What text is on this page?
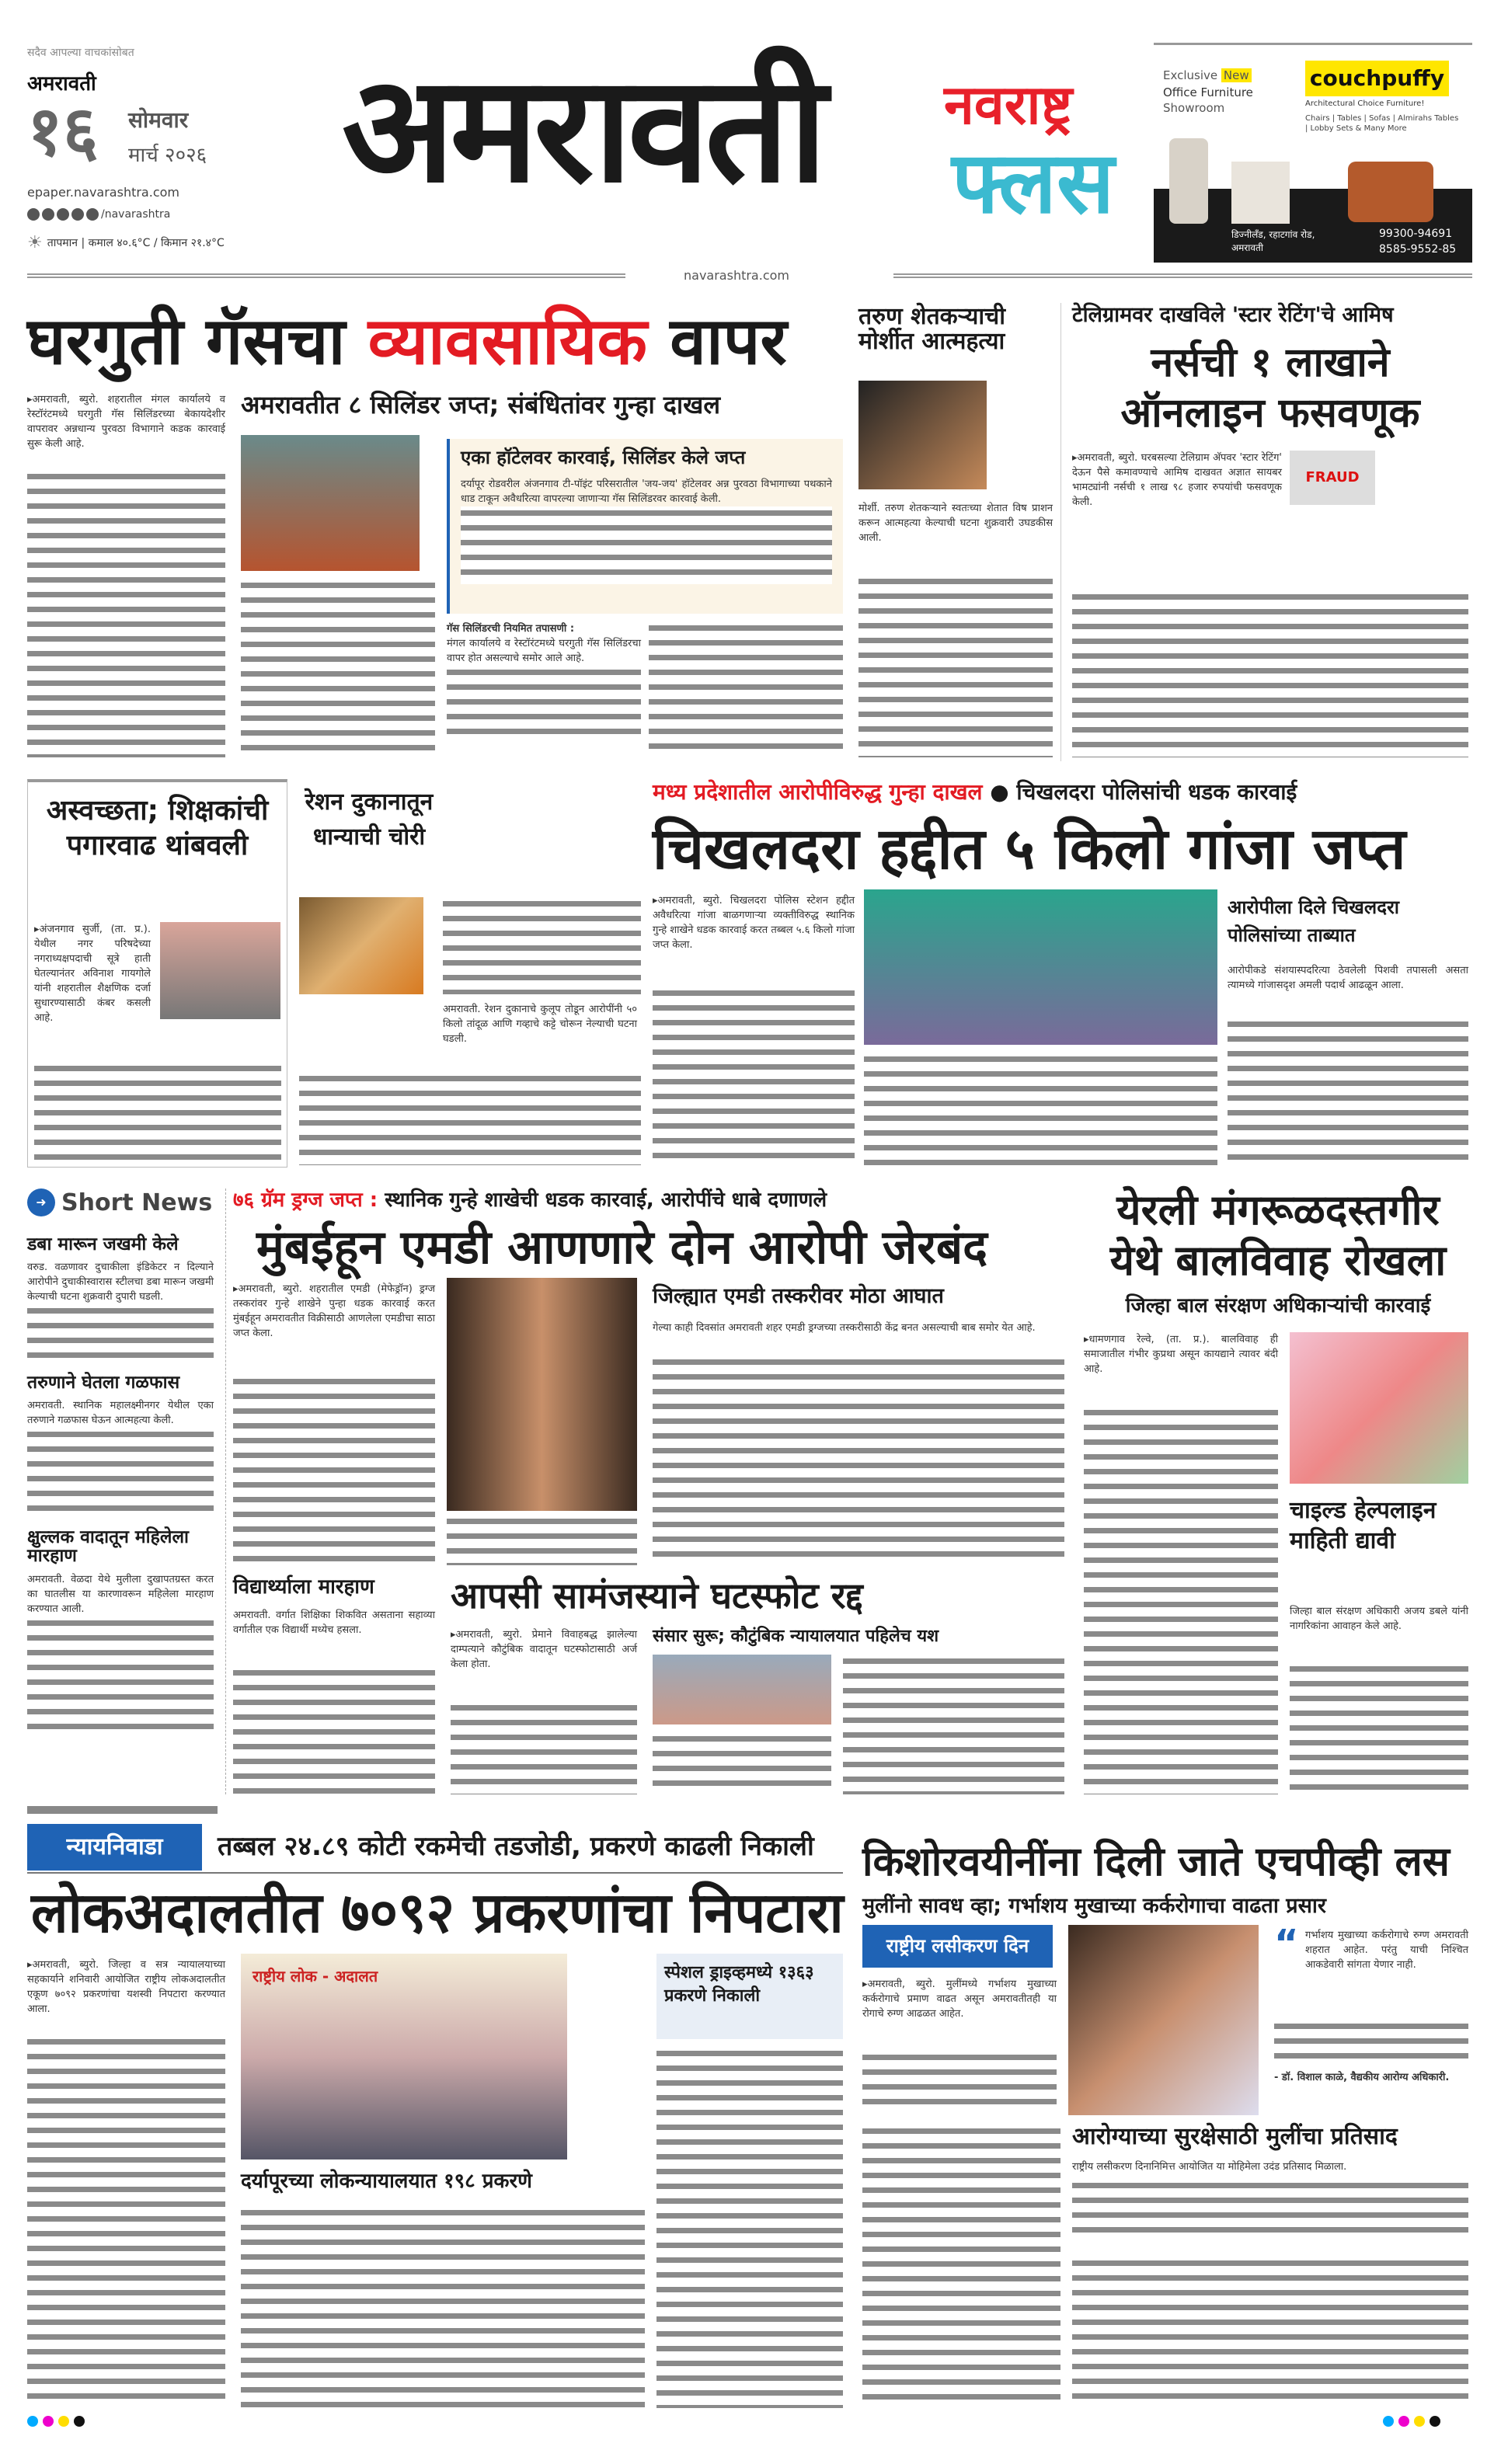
सदैव आपल्या वाचकांसोबत
अमरावती
१६ सोमवार
मार्च २०२६
epaper.navarashtra.com
/navarashtra
☀ तापमान | कमाल ४०.६°C / किमान २१.४°C
अमरावती नवराष्ट्र
फ्लस
Exclusive New
Office Furniture
Showroom
couchpuffy
Architectural Choice Furniture!
Chairs | Tables | Sofas | Almirahs Tables | Lobby Sets & Many More
डिज्नीलँड, रहाटगांव रोड, अमरावती
99300-94691
8585-9552-85
navarashtra.com
घरगुती गॅसचा व्यावसायिक वापर
अमरावतीत ८ सिलिंडर जप्त; संबंधितांवर गुन्हा दाखल
▸ अमरावती, ब्युरो. शहरातील मंगल कार्यालये व रेस्टॉरंटमध्ये घरगुती गॅस सिलिंडरच्या बेकायदेशीर वापरावर अन्नधान्य पुरवठा विभागाने कडक कारवाई सुरू केली आहे.
एका हॉटेलवर कारवाई, सिलिंडर केले जप्त
दर्यापूर रोडवरील अंजनगाव टी-पॉइंट परिसरातील 'जय-जय' हॉटेलवर अन्न पुरवठा विभागाच्या पथकाने धाड टाकून अवैधरित्या वापरल्या जाणाऱ्या गॅस सिलिंडरवर कारवाई केली.
गॅस सिलिंडरची नियमित तपासणी :
मंगल कार्यालये व रेस्टॉरंटमध्ये घरगुती गॅस सिलिंडरचा वापर होत असल्याचे समोर आले आहे.
तरुण शेतकऱ्याची मोर्शीत आत्महत्या
मोर्शी. तरुण शेतकऱ्याने स्वतःच्या शेतात विष प्राशन करून आत्महत्या केल्याची घटना शुक्रवारी उघडकीस आली.
टेलिग्रामवर दाखविले 'स्टार रेटिंग'चे आमिष
नर्सची १ लाखाने
ऑनलाइन फसवणूक
▸ अमरावती, ब्युरो. घरबसल्या टेलिग्राम अ‍ॅपवर 'स्टार रेटिंग' देऊन पैसे कमावण्याचे आमिष दाखवत अज्ञात सायबर भामट्यांनी नर्सची १ लाख ९८ हजार रुपयांची फसवणूक केली.
FRAUD
अस्वच्छता; शिक्षकांची पगारवाढ थांबवली
▸ अंजनगाव सुर्जी, (ता. प्र.). येथील नगर परिषदेच्या नगराध्यक्षपदाची सूत्रे हाती घेतल्यानंतर अविनाश गायगोले यांनी शहरातील शैक्षणिक दर्जा सुधारण्यासाठी कंबर कसली आहे.
रेशन दुकानातून धान्याची चोरी
अमरावती. रेशन दुकानाचे कुलूप तोडून आरोपींनी ५० किलो तांदूळ आणि गव्हाचे कट्टे चोरून नेल्याची घटना घडली.
मध्य प्रदेशातील आरोपीविरुद्ध गुन्हा दाखल ● चिखलदरा पोलिसांची धडक कारवाई
चिखलदरा हद्दीत ५ किलो गांजा जप्त
▸ अमरावती, ब्युरो. चिखलदरा पोलिस स्टेशन हद्दीत अवैधरित्या गांजा बाळगणाऱ्या व्यक्तीविरुद्ध स्थानिक गुन्हे शाखेने धडक कारवाई करत तब्बल ५.६ किलो गांजा जप्त केला.
आरोपीला दिले चिखलदरा पोलिसांच्या ताब्यात
आरोपीकडे संशयास्पदरित्या ठेवलेली पिशवी तपासली असता त्यामध्ये गांजासदृश अमली पदार्थ आढळून आला.
➜ Short News
डबा मारून जखमी केले
वरुड. वळणावर दुचाकीला इंडिकेटर न दिल्याने आरोपीने दुचाकीस्वारास स्टीलचा डबा मारून जखमी केल्याची घटना शुक्रवारी दुपारी घडली.
तरुणाने घेतला गळफास
अमरावती. स्थानिक महालक्ष्मीनगर येथील एका तरुणाने गळफास घेऊन आत्महत्या केली.
क्षुल्लक वादातून महिलेला मारहाण
अमरावती. वेळदा येथे मुलीला दुखापतग्रस्त करत का घातलीस या कारणावरून महिलेला मारहाण करण्यात आली.
७६ ग्रॅम ड्रग्ज जप्त : स्थानिक गुन्हे शाखेची धडक कारवाई, आरोपींचे धाबे दणाणले
मुंबईहून एमडी आणणारे दोन आरोपी जेरबंद
▸ अमरावती, ब्युरो. शहरातील एमडी (मेफेड्रॉन) ड्रग्ज तस्करांवर गुन्हे शाखेने पुन्हा धडक कारवाई करत मुंबईहून अमरावतीत विक्रीसाठी आणलेला एमडीचा साठा जप्त केला.
जिल्ह्यात एमडी तस्करीवर मोठा आघात
गेल्या काही दिवसांत अमरावती शहर एमडी ड्रग्जच्या तस्करीसाठी केंद्र बनत असल्याची बाब समोर येत आहे.
विद्यार्थ्याला मारहाण
अमरावती. वर्गात शिक्षिका शिकवित असताना सहाव्या वर्गातील एक विद्यार्थी मध्येच हसला.
आपसी सामंजस्याने घटस्फोट रद्द
▸ अमरावती, ब्युरो. प्रेमाने विवाहबद्ध झालेल्या दाम्पत्याने कौटुंबिक वादातून घटस्फोटासाठी अर्ज केला होता.
संसार सुरू; कौटुंबिक न्यायालयात पहिलेच यश
येरली मंगरूळदस्तगीर
येथे बालविवाह रोखला
जिल्हा बाल संरक्षण अधिकाऱ्यांची कारवाई
▸ धामणगाव रेल्वे, (ता. प्र.). बालविवाह ही समाजातील गंभीर कुप्रथा असून कायद्याने त्यावर बंदी आहे.
चाइल्ड हेल्पलाइन माहिती द्यावी
जिल्हा बाल संरक्षण अधिकारी अजय डबले यांनी नागरिकांना आवाहन केले आहे.
न्यायनिवाडा	तब्बल २४.८९ कोटी रकमेची तडजोडी, प्रकरणे काढली निकाली
लोकअदालतीत ७०९२ प्रकरणांचा निपटारा
▸ अमरावती, ब्युरो. जिल्हा व सत्र न्यायालयाच्या सहकार्याने शनिवारी आयोजित राष्ट्रीय लोकअदालतीत एकूण ७०९२ प्रकरणांचा यशस्वी निपटारा करण्यात आला.
राष्ट्रीय लोक - अदालत
दर्यापूरच्या लोकन्यायालयात १९८ प्रकरणे
स्पेशल ड्राइव्हमध्ये १३६३ प्रकरणे निकाली
किशोरवयीनींना दिली जाते एचपीव्ही लस
मुलींनो सावध व्हा; गर्भाशय मुखाच्या कर्करोगाचा वाढता प्रसार
राष्ट्रीय लसीकरण दिन
▸ अमरावती, ब्युरो. मुलींमध्ये गर्भाशय मुखाच्या कर्करोगाचे प्रमाण वाढत असून अमरावतीतही या रोगाचे रुग्ण आढळत आहेत.
“ गर्भाशय मुखाच्या कर्करोगाचे रुग्ण अमरावती शहरात आहेत. परंतु याची निश्चित आकडेवारी सांगता येणार नाही.
- डॉ. विशाल काळे, वैद्यकीय आरोग्य अधिकारी.
आरोग्याच्या सुरक्षेसाठी मुलींचा प्रतिसाद
राष्ट्रीय लसीकरण दिनानिमित्त आयोजित या मोहिमेला उदंड प्रतिसाद मिळाला.
